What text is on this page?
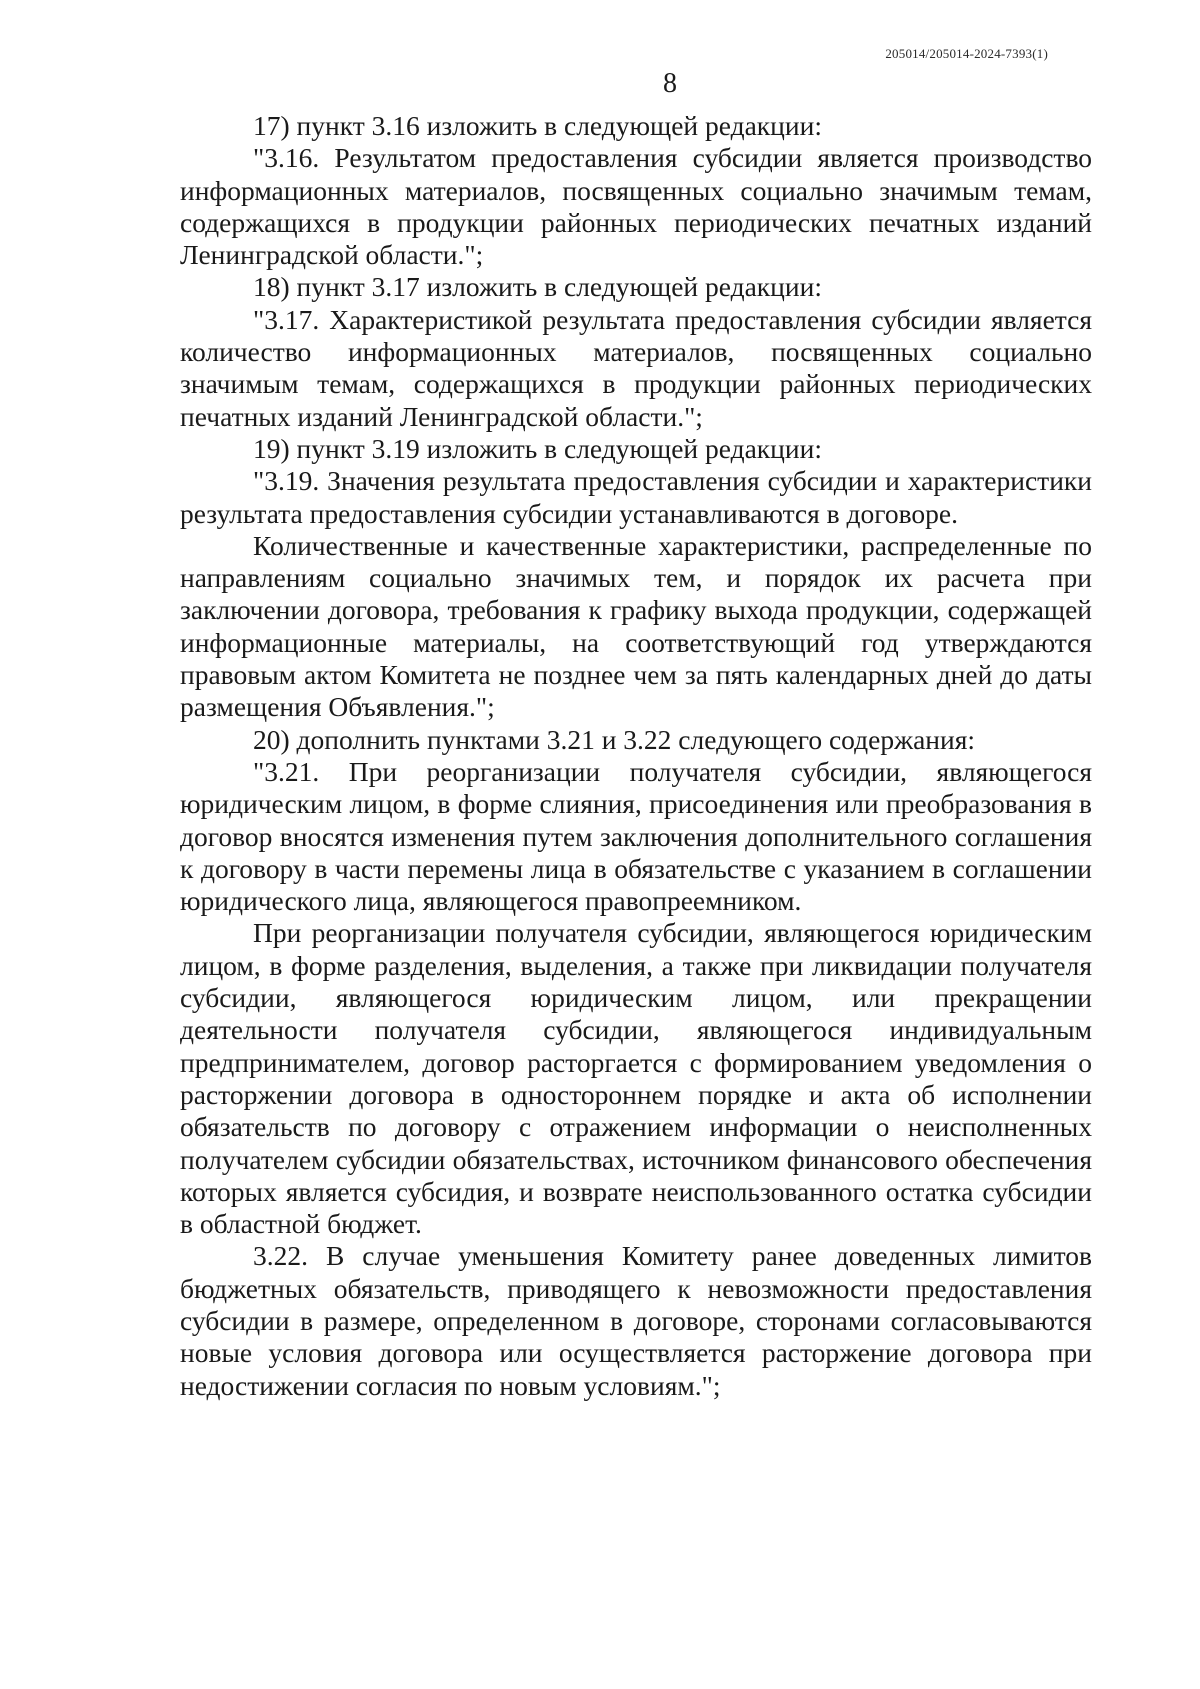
205014/205014-2024-7393(1)
8

17) пункт 3.16 изложить в следующей редакции:

"3.16. Результатом предоставления субсидии является производство информационных материалов, посвященных социально значимым темам, содержащихся в продукции районных периодических печатных изданий Ленинградской области.";

18) пункт 3.17 изложить в следующей редакции:

"3.17. Характеристикой результата предоставления субсидии является количество информационных материалов, посвященных социально значимым темам, содержащихся в продукции районных периодических печатных изданий Ленинградской области.";

19) пункт 3.19 изложить в следующей редакции:

"3.19. Значения результата предоставления субсидии и характеристики результата предоставления субсидии устанавливаются в договоре.

Количественные и качественные характеристики, распределенные по направлениям социально значимых тем, и порядок их расчета при заключении договора, требования к графику выхода продукции, содержащей информационные материалы, на соответствующий год утверждаются правовым актом Комитета не позднее чем за пять календарных дней до даты размещения Объявления.";

20) дополнить пунктами 3.21 и 3.22 следующего содержания:

"3.21. При реорганизации получателя субсидии, являющегося юридическим лицом, в форме слияния, присоединения или преобразования в договор вносятся изменения путем заключения дополнительного соглашения к договору в части перемены лица в обязательстве с указанием в соглашении юридического лица, являющегося правопреемником.

При реорганизации получателя субсидии, являющегося юридическим лицом, в форме разделения, выделения, а также при ликвидации получателя субсидии, являющегося юридическим лицом, или прекращении деятельности получателя субсидии, являющегося индивидуальным предпринимателем, договор расторгается с формированием уведомления о расторжении договора в одностороннем порядке и акта об исполнении обязательств по договору с отражением информации о неисполненных получателем субсидии обязательствах, источником финансового обеспечения которых является субсидия, и возврате неиспользованного остатка субсидии в областной бюджет.

3.22. В случае уменьшения Комитету ранее доведенных лимитов бюджетных обязательств, приводящего к невозможности предоставления субсидии в размере, определенном в договоре, сторонами согласовываются новые условия договора или осуществляется расторжение договора при недостижении согласия по новым условиям.";
